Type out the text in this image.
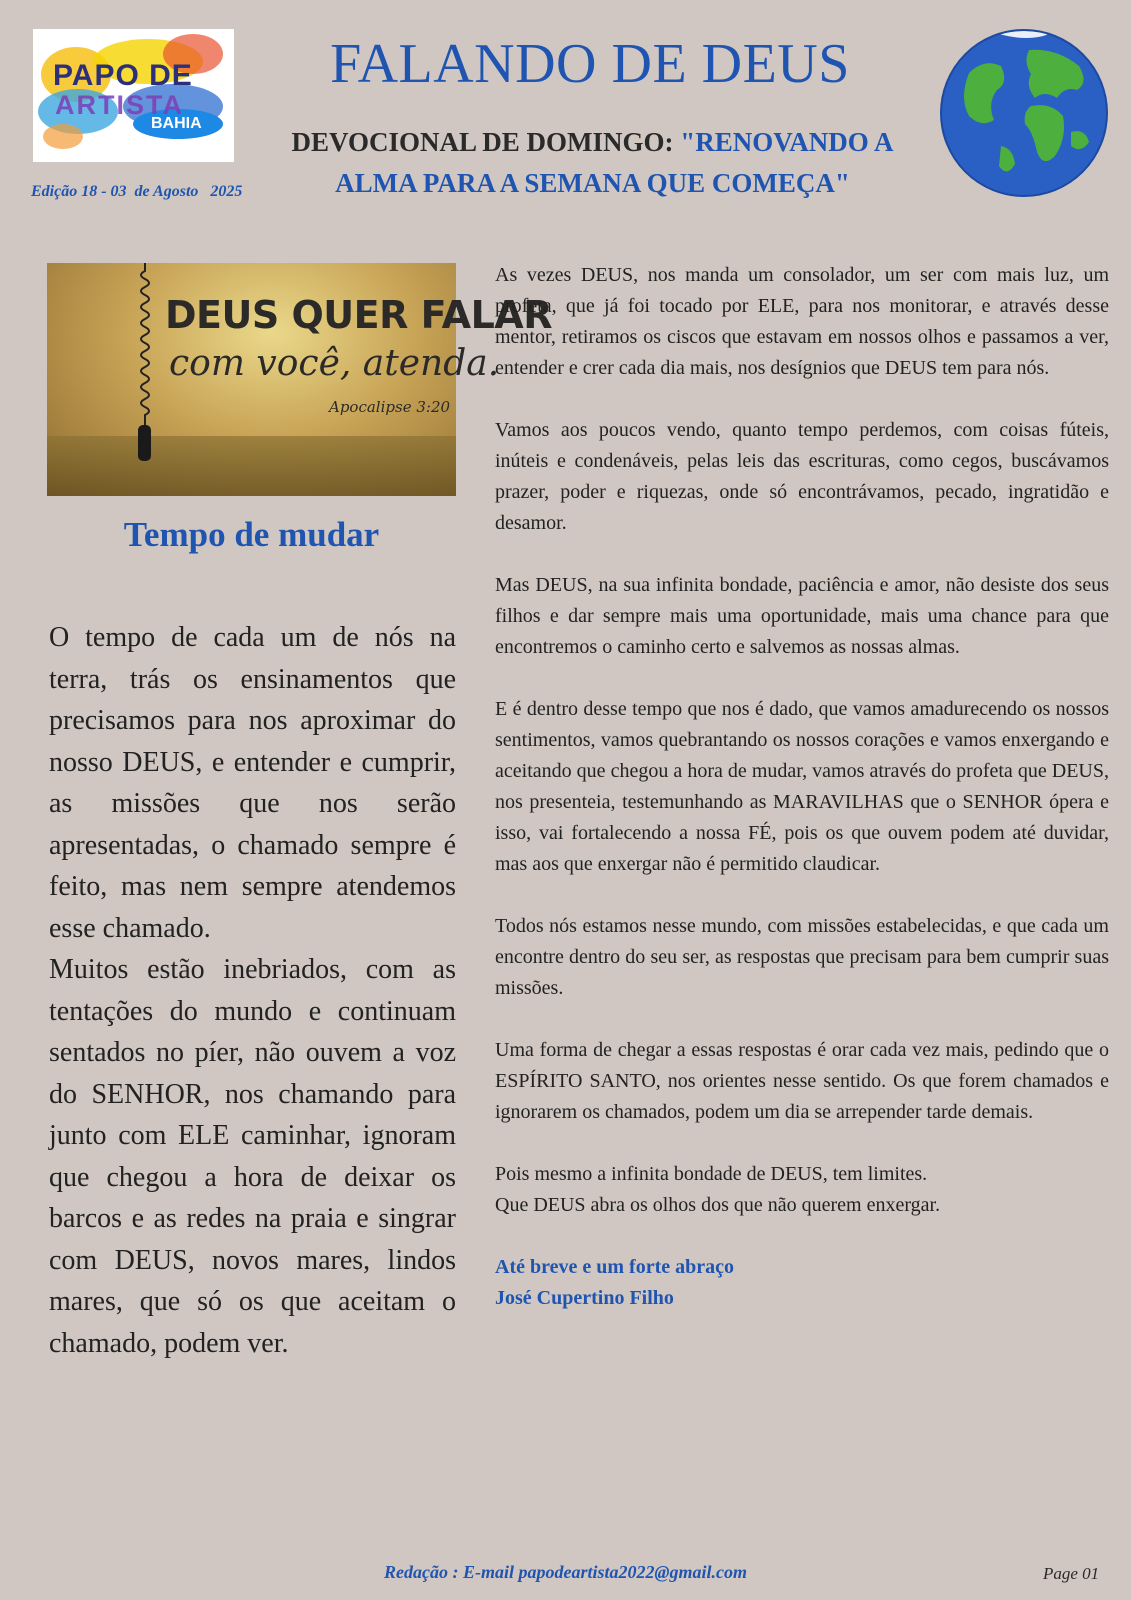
PAPO DE
ARTISTA
BAHIA
FALANDO DE DEUS
DEVOCIONAL DE DOMINGO: "RENOVANDO A
ALMA PARA A SEMANA QUE COMEÇA"
Edição 18 - 03  de Agosto   2025
DEUS QUER FALAR
com você, atenda.
Apocalipse 3:20
Tempo de mudar

O tempo de cada um de nós na terra, trás os ensinamentos que precisamos para nos aproximar do nosso DEUS, e entender e cumprir, as missões que nos serão apresentadas, o chamado sempre é feito, mas nem sempre atendemos esse chamado.

Muitos estão inebriados, com as tentações do mundo e continuam sentados no píer, não ouvem a voz do SENHOR, nos chamando para junto com ELE caminhar, ignoram que chegou a hora de deixar os barcos e as redes na praia e singrar com DEUS, novos mares, lindos mares, que só os que aceitam o chamado, podem ver.

As vezes DEUS, nos manda um consolador, um ser com mais luz, um profeta, que já foi tocado por ELE, para nos monitorar, e através desse mentor, retiramos os ciscos que estavam em nossos olhos e passamos a ver, entender e crer cada dia mais, nos desígnios que DEUS tem para nós.

Vamos aos poucos vendo, quanto tempo perdemos, com coisas fúteis, inúteis e condenáveis, pelas leis das escrituras, como cegos, buscávamos prazer, poder e riquezas, onde só encontrávamos, pecado, ingratidão e desamor.

Mas DEUS, na sua infinita bondade, paciência e amor, não desiste dos seus filhos e dar sempre mais uma oportunidade, mais uma chance para que encontremos o caminho certo e salvemos as nossas almas.

E é dentro desse tempo que nos é dado, que vamos amadurecendo os nossos sentimentos, vamos quebrantando os nossos corações e vamos enxergando e aceitando que chegou a hora de mudar, vamos através do profeta que DEUS, nos presenteia, testemunhando as MARAVILHAS que o SENHOR ópera e isso, vai fortalecendo a nossa FÉ, pois os que ouvem podem até duvidar, mas aos que enxergar não é permitido claudicar.

Todos nós estamos nesse mundo, com missões estabelecidas, e que cada um encontre dentro do seu ser, as respostas que precisam para bem cumprir suas missões.

Uma forma de chegar a essas respostas é orar cada vez mais, pedindo que o ESPÍRITO SANTO, nos orientes nesse sentido. Os que forem chamados e ignorarem os chamados, podem um dia se arrepender tarde demais.

Pois mesmo a infinita bondade de DEUS, tem limites.

Que DEUS abra os olhos dos que não querem enxergar.

Até breve e um forte abraço

José Cupertino Filho

Redação : E-mail papodeartista2022@gmail.com	Page 01
